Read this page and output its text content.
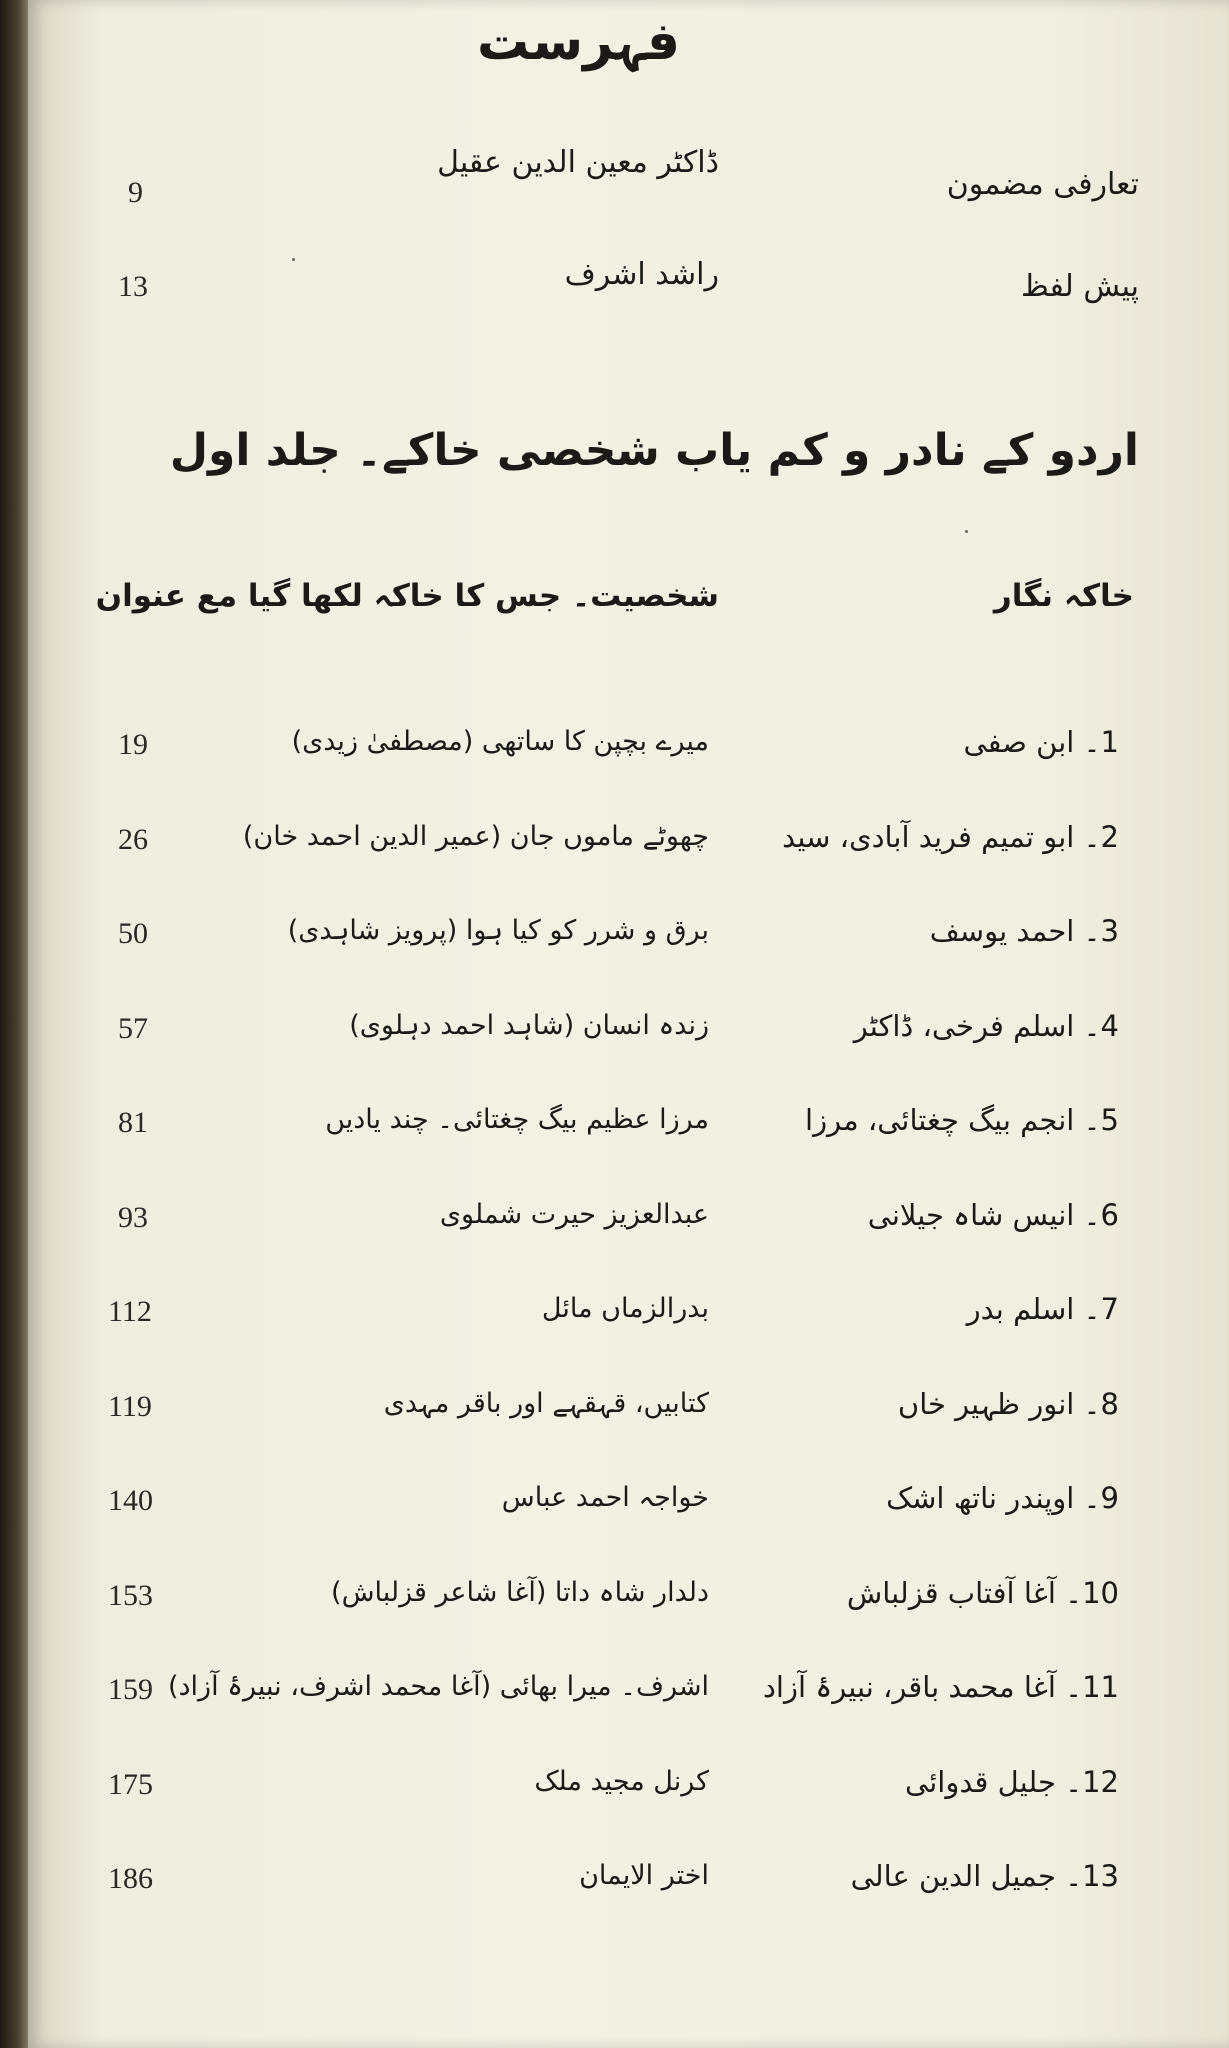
فہرست
تعارفی مضمون
ڈاکٹر معین الدین عقیل
9
پیش لفظ
راشد اشرف
13
اردو کے نادر و کم یاب شخصی خاکے۔ جلد اول
خاکہ نگار
شخصیت۔ جس کا خاکہ لکھا گیا مع عنوان
1۔ ابن صفی
میرے بچپن کا ساتھی (مصطفیٰ زیدی)
19
2۔ ابو تمیم فرید آبادی، سید
چھوٹے ماموں جان (عمیر الدین احمد خان)
26
3۔ احمد یوسف
برق و شرر کو کیا ہوا (پرویز شاہدی)
50
4۔ اسلم فرخی، ڈاکٹر
زندہ انسان (شاہد احمد دہلوی)
57
5۔ انجم بیگ چغتائی، مرزا
مرزا عظیم بیگ چغتائی۔ چند یادیں
81
6۔ انیس شاہ جیلانی
عبدالعزیز حیرت شملوی
93
7۔ اسلم بدر
بدرالزماں مائل
112
8۔ انور ظہیر خاں
کتابیں، قہقہے اور باقر مہدی
119
9۔ اوپندر ناتھ اشک
خواجہ احمد عباس
140
10۔ آغا آفتاب قزلباش
دلدار شاہ داتا (آغا شاعر قزلباش)
153
11۔ آغا محمد باقر، نبیرۂ آزاد
اشرف۔ میرا بھائی (آغا محمد اشرف، نبیرۂ آزاد)
159
12۔ جلیل قدوائی
کرنل مجید ملک
175
13۔ جمیل الدین عالی
اختر الایمان
186
